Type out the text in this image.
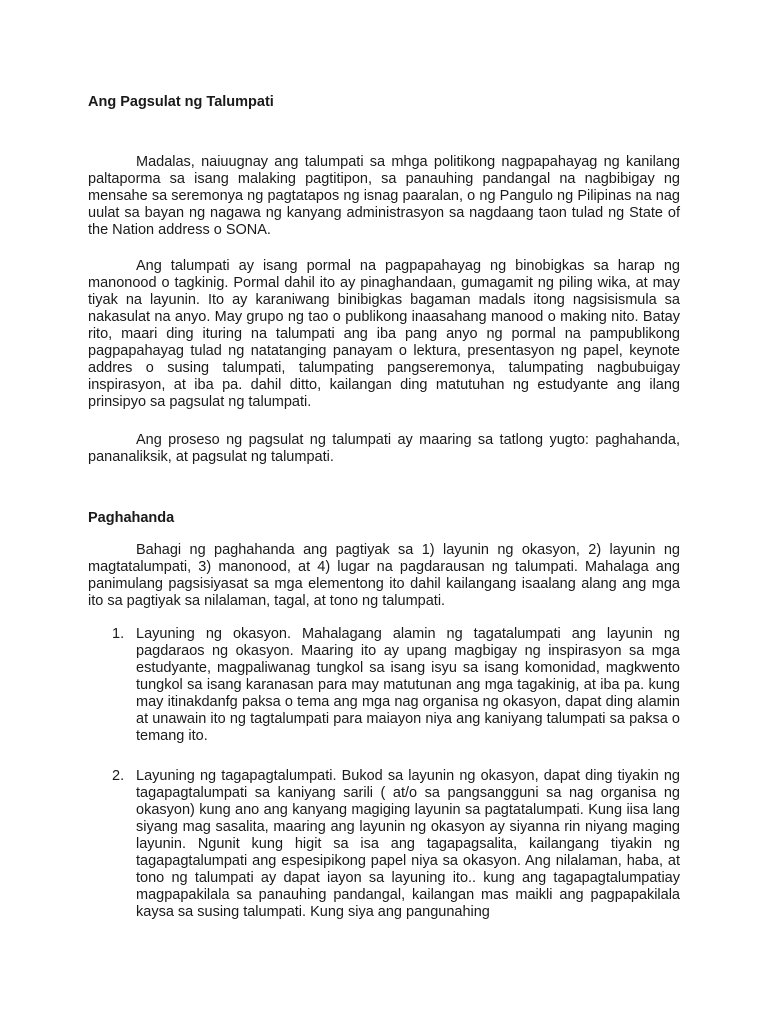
Ang Pagsulat ng Talumpati

Madalas, naiuugnay ang talumpati sa mhga politikong nagpapahayag ng kanilang paltaporma sa isang malaking pagtitipon, sa panauhing pandangal na nagbibigay ng mensahe sa seremonya ng pagtatapos ng isnag paaralan, o ng Pangulo ng Pilipinas na nag uulat sa bayan ng nagawa ng kanyang administrasyon sa nagdaang taon tulad ng State of the Nation address o SONA.

Ang talumpati ay isang pormal na pagpapahayag ng binobigkas sa harap ng manonood o tagkinig. Pormal dahil ito ay pinaghandaan, gumagamit ng piling wika, at may tiyak na layunin. Ito ay karaniwang binibigkas bagaman madals itong nagsisismula sa nakasulat na anyo. May grupo ng tao o publikong inaasahang manood o making nito. Batay rito, maari ding ituring na talumpati ang iba pang anyo ng pormal na pampublikong pagpapahayag tulad ng natatanging panayam o lektura, presentasyon ng papel, keynote addres o susing talumpati, talumpating pangseremonya, talumpating nagbubuigay inspirasyon, at iba pa. dahil ditto, kailangan ding matutuhan ng estudyante ang ilang prinsipyo sa pagsulat ng talumpati.

Ang proseso ng pagsulat ng talumpati ay maaring sa tatlong yugto: paghahanda, pananaliksik, at pagsulat ng talumpati.

Paghahanda

Bahagi ng paghahanda ang pagtiyak sa 1) layunin ng okasyon, 2) layunin ng magtatalumpati, 3) manonood, at 4) lugar na pagdarausan ng talumpati. Mahalaga ang panimulang pagsisiyasat sa mga elementong ito dahil kailangang isaalang alang ang mga ito sa pagtiyak sa nilalaman, tagal, at tono ng talumpati.

1. Layuning ng okasyon. Mahalagang alamin ng tagatalumpati ang layunin ng pagdaraos ng okasyon. Maaring ito ay upang magbigay ng inspirasyon sa mga estudyante, magpaliwanag tungkol sa isang isyu sa isang komonidad, magkwento tungkol sa isang karanasan para may matutunan ang mga tagakinig, at iba pa. kung may itinakdanfg paksa o tema ang mga nag organisa ng okasyon, dapat ding alamin at unawain ito ng tagtalumpati para maiayon niya ang kaniyang talumpati sa paksa o temang ito.
2. Layuning ng tagapagtalumpati. Bukod sa layunin ng okasyon, dapat ding tiyakin ng tagapagtalumpati sa kaniyang sarili ( at/o sa pangsangguni sa nag organisa ng okasyon) kung ano ang kanyang magiging layunin sa pagtatalumpati. Kung iisa lang siyang mag sasalita, maaring ang layunin ng okasyon ay siyanna rin niyang maging layunin. Ngunit kung higit sa isa ang tagapagsalita, kailangang tiyakin ng tagapagtalumpati ang espesipikong papel niya sa okasyon. Ang nilalaman, haba, at tono ng talumpati ay dapat iayon sa layuning ito.. kung ang tagapagtalumpatiay magpapakilala sa panauhing pandangal, kailangan mas maikli ang pagpapakilala kaysa sa susing talumpati. Kung siya ang pangunahing
